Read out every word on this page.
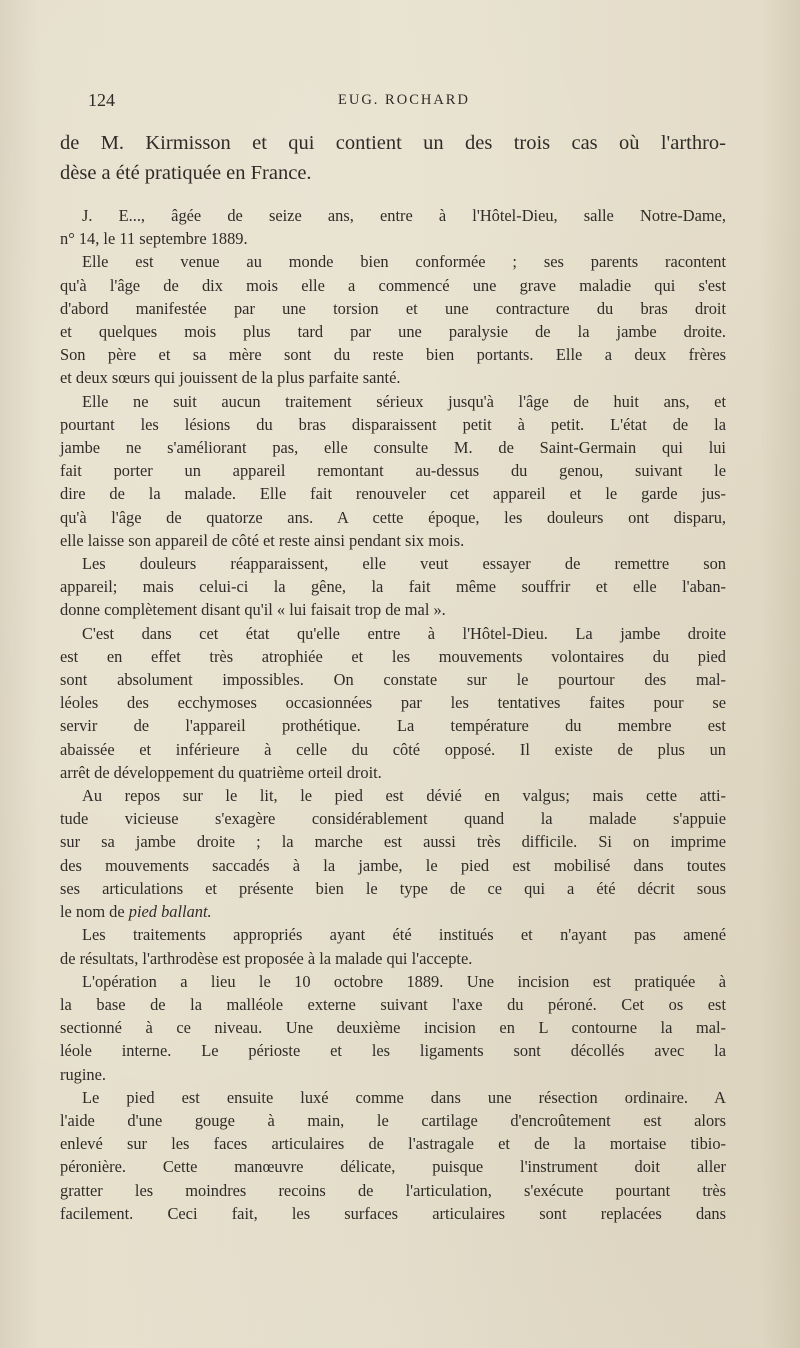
124	EUG. ROCHARD
de M. Kirmisson et qui contient un des trois cas où l'arthro-
dèse a été pratiquée en France.
J. E..., âgée de seize ans, entre à l'Hôtel-Dieu, salle Notre-Dame,
n° 14, le 11 septembre 1889.
Elle est venue au monde bien conformée ; ses parents racontent
qu'à l'âge de dix mois elle a commencé une grave maladie qui s'est
d'abord manifestée par une torsion et une contracture du bras droit
et quelques mois plus tard par une paralysie de la jambe droite.
Son père et sa mère sont du reste bien portants. Elle a deux frères
et deux sœurs qui jouissent de la plus parfaite santé.
Elle ne suit aucun traitement sérieux jusqu'à l'âge de huit ans, et
pourtant les lésions du bras disparaissent petit à petit. L'état de la
jambe ne s'améliorant pas, elle consulte M. de Saint-Germain qui lui
fait porter un appareil remontant au-dessus du genou, suivant le
dire de la malade. Elle fait renouveler cet appareil et le garde jus-
qu'à l'âge de quatorze ans. A cette époque, les douleurs ont disparu,
elle laisse son appareil de côté et reste ainsi pendant six mois.
Les douleurs réapparaissent, elle veut essayer de remettre son
appareil; mais celui-ci la gêne, la fait même souffrir et elle l'aban-
donne complètement disant qu'il « lui faisait trop de mal ».
C'est dans cet état qu'elle entre à l'Hôtel-Dieu. La jambe droite
est en effet très atrophiée et les mouvements volontaires du pied
sont absolument impossibles. On constate sur le pourtour des mal-
léoles des ecchymoses occasionnées par les tentatives faites pour se
servir de l'appareil prothétique. La température du membre est
abaissée et inférieure à celle du côté opposé. Il existe de plus un
arrêt de développement du quatrième orteil droit.
Au repos sur le lit, le pied est dévié en valgus; mais cette atti-
tude vicieuse s'exagère considérablement quand la malade s'appuie
sur sa jambe droite ; la marche est aussi très difficile. Si on imprime
des mouvements saccadés à la jambe, le pied est mobilisé dans toutes
ses articulations et présente bien le type de ce qui a été décrit sous
le nom de pied ballant.
Les traitements appropriés ayant été institués et n'ayant pas amené
de résultats, l'arthrodèse est proposée à la malade qui l'accepte.
L'opération a lieu le 10 octobre 1889. Une incision est pratiquée à
la base de la malléole externe suivant l'axe du péroné. Cet os est
sectionné à ce niveau. Une deuxième incision en L contourne la mal-
léole interne. Le périoste et les ligaments sont décollés avec la
rugine.
Le pied est ensuite luxé comme dans une résection ordinaire. A
l'aide d'une gouge à main, le cartilage d'encroûtement est alors
enlevé sur les faces articulaires de l'astragale et de la mortaise tibio-
péronière. Cette manœuvre délicate, puisque l'instrument doit aller
gratter les moindres recoins de l'articulation, s'exécute pourtant très
facilement. Ceci fait, les surfaces articulaires sont replacées dans
